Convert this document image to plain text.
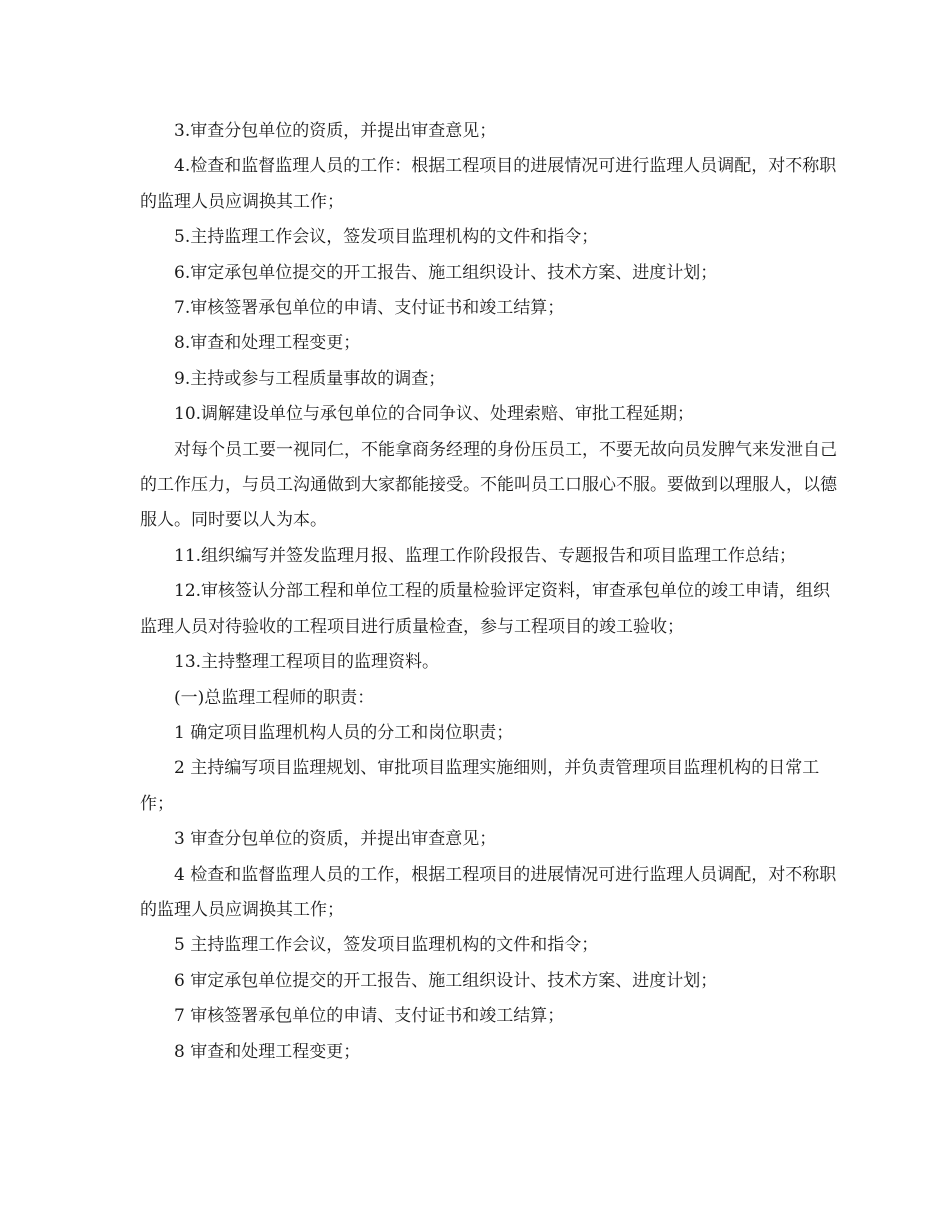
3.审查分包单位的资质，并提出审查意见；

4.检查和监督监理人员的工作：根据工程项目的进展情况可进行监理人员调配，对不称职的监理人员应调换其工作；

5.主持监理工作会议，签发项目监理机构的文件和指令；

6.审定承包单位提交的开工报告、施工组织设计、技术方案、进度计划；

7.审核签署承包单位的申请、支付证书和竣工结算；

8.审查和处理工程变更；

9.主持或参与工程质量事故的调查；

10.调解建设单位与承包单位的合同争议、处理索赔、审批工程延期；

对每个员工要一视同仁，不能拿商务经理的身份压员工，不要无故向员发脾气来发泄自己的工作压力，与员工沟通做到大家都能接受。不能叫员工口服心不服。要做到以理服人，以德服人。同时要以人为本。

11.组织编写并签发监理月报、监理工作阶段报告、专题报告和项目监理工作总结；

12.审核签认分部工程和单位工程的质量检验评定资料，审查承包单位的竣工申请，组织监理人员对待验收的工程项目进行质量检查，参与工程项目的竣工验收；

13.主持整理工程项目的监理资料。

(一)总监理工程师的职责：

1 确定项目监理机构人员的分工和岗位职责；

2 主持编写项目监理规划、审批项目监理实施细则，并负责管理项目监理机构的日常工作；

3 审查分包单位的资质，并提出审查意见；

4 检查和监督监理人员的工作，根据工程项目的进展情况可进行监理人员调配，对不称职的监理人员应调换其工作；

5 主持监理工作会议，签发项目监理机构的文件和指令；

6 审定承包单位提交的开工报告、施工组织设计、技术方案、进度计划；

7 审核签署承包单位的申请、支付证书和竣工结算；

8 审查和处理工程变更；
